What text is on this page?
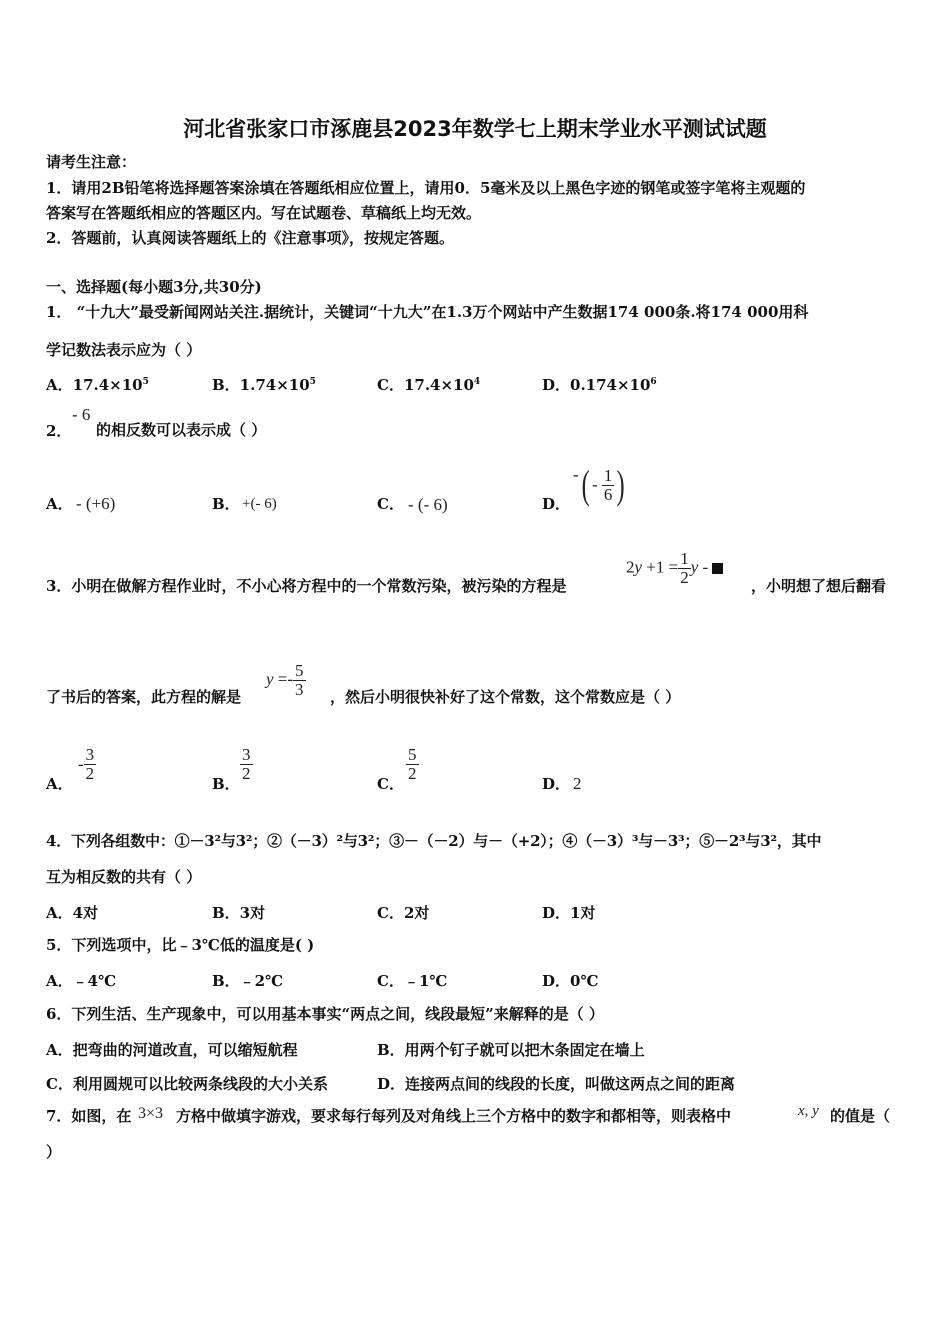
河北省张家口市涿鹿县2023年数学七上期末学业水平测试试题
请考生注意：
1．请用2B铅笔将选择题答案涂填在答题纸相应位置上，请用0．5毫米及以上黑色字迹的钢笔或签字笔将主观题的
答案写在答题纸相应的答题区内。写在试题卷、草稿纸上均无效。
2．答题前，认真阅读答题纸上的《注意事项》，按规定答题。
一、选择题(每小题3分,共30分)
1． “十九大”最受新闻网站关注.据统计，关键词“十九大”在1.3万个网站中产生数据174 000条.将174 000用科
学记数法表示应为（ ）
A．$17.4\times 10^5$	B．$1.74\times 10^5$	C．$17.4\times 10^4$	D．$0.174\times 10^6$
2．
- 6
的相反数可以表示成（ ）
A． - (+6)	B． +(- 6)	C． - (- 6)	D．
-( - $\frac{1}{6}$ )
3．小明在做解方程作业时，不小心将方程中的一个常数污染，被污染的方程是
$2y +1 = \frac{1}{2}$ y -
，小明想了想后翻看
了书后的答案，此方程的解是
$y =- \frac{5}{3}$ ，然后小明很快补好了这个常数，这个常数应是（ ）
A．
- $\frac{3}{2}$
B．
$\frac{3}{2}$
C．
$\frac{5}{2}$
D． 2
4．下列各组数中：①－3²与3²；②（－3）²与3²；③－（－2）与－（+2）；④（－3）³与－3³；⑤－2³与3²，其中
互为相反数的共有（ ）
A．4对	B．3对	C．2对	D．1对
5．下列选项中，比﹣3℃低的温度是( )
A．﹣4℃	B．﹣2℃	C．﹣1℃	D．0℃
6．下列生活、生产现象中，可以用基本事实“两点之间，线段最短”来解释的是（ ）
A．把弯曲的河道改直，可以缩短航程	B．用两个钉子就可以把木条固定在墙上
C．利用圆规可以比较两条线段的大小关系	D．连接两点间的线段的长度，叫做这两点之间的距离
7．如图，在 3×3 方格中做填字游戏，要求每行每列及对角线上三个方格中的数字和都相等，则表格中	x, y 的值是（
）
